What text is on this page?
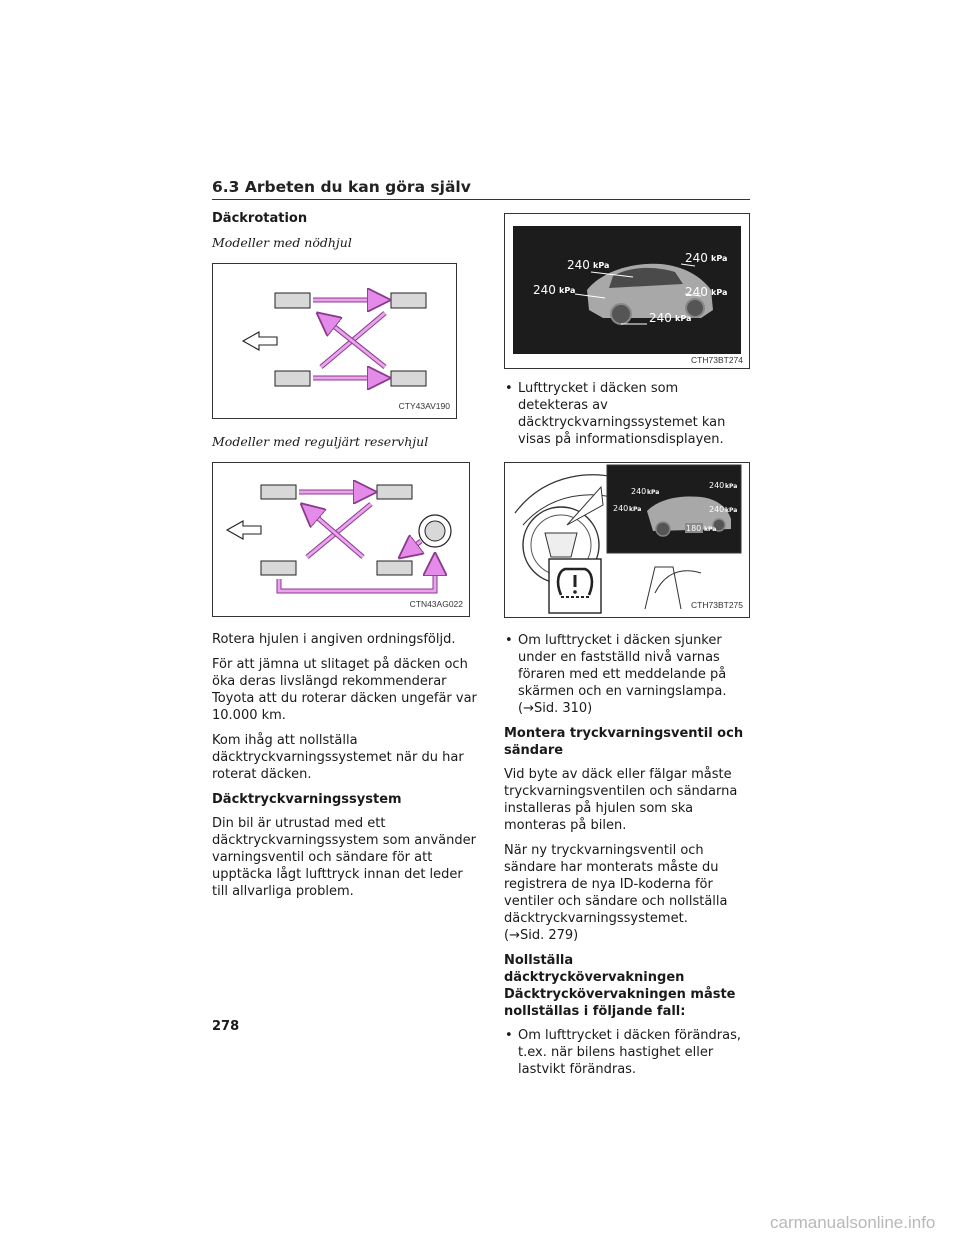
6.3 Arbeten du kan göra själv
Däckrotation

Modeller med nödhjul

CTY43AV190

Modeller med reguljärt reservhjul

CTN43AG022

Rotera hjulen i angiven ordningsföljd.

För att jämna ut slitaget på däcken och öka deras livslängd rekommenderar Toyota att du roterar däcken ungefär var 10.000 km.

Kom ihåg att nollställa däcktryckvarningssystemet när du har roterat däcken.

Däcktryckvarningssystem

Din bil är utrustad med ett däcktryckvarningssystem som använder varningsventil och sändare för att upptäcka lågt lufttryck innan det leder till allvarliga problem.

240 kPa
240 kPa
240 kPa	240 kPa
240 kPa
CTH73BT274
• Lufttrycket i däcken som detekteras av däcktryckvarningssystemet kan visas på informationsdisplayen.
240 kPa
240 kPa
240 kPa	240 kPa
180 kPa
CTH73BT275
• Om lufttrycket i däcken sjunker under en fastställd nivå varnas föraren med ett meddelande på skärmen och en varningslampa. (→Sid. 310)
Montera tryckvarningsventil och sändare

Vid byte av däck eller fälgar måste tryckvarningsventilen och sändarna installeras på hjulen som ska monteras på bilen.

När ny tryckvarningsventil och sändare har monterats måste du registrera de nya ID-koderna för ventiler och sändare och nollställa däcktryckvarningssystemet.

(→Sid. 279)

Nollställa däcktryckövervakningen Däcktryckövervakningen måste nollställas i följande fall:
• Om lufttrycket i däcken förändras, t.ex. när bilens hastighet eller lastvikt förändras.
278
carmanualsonline.info
